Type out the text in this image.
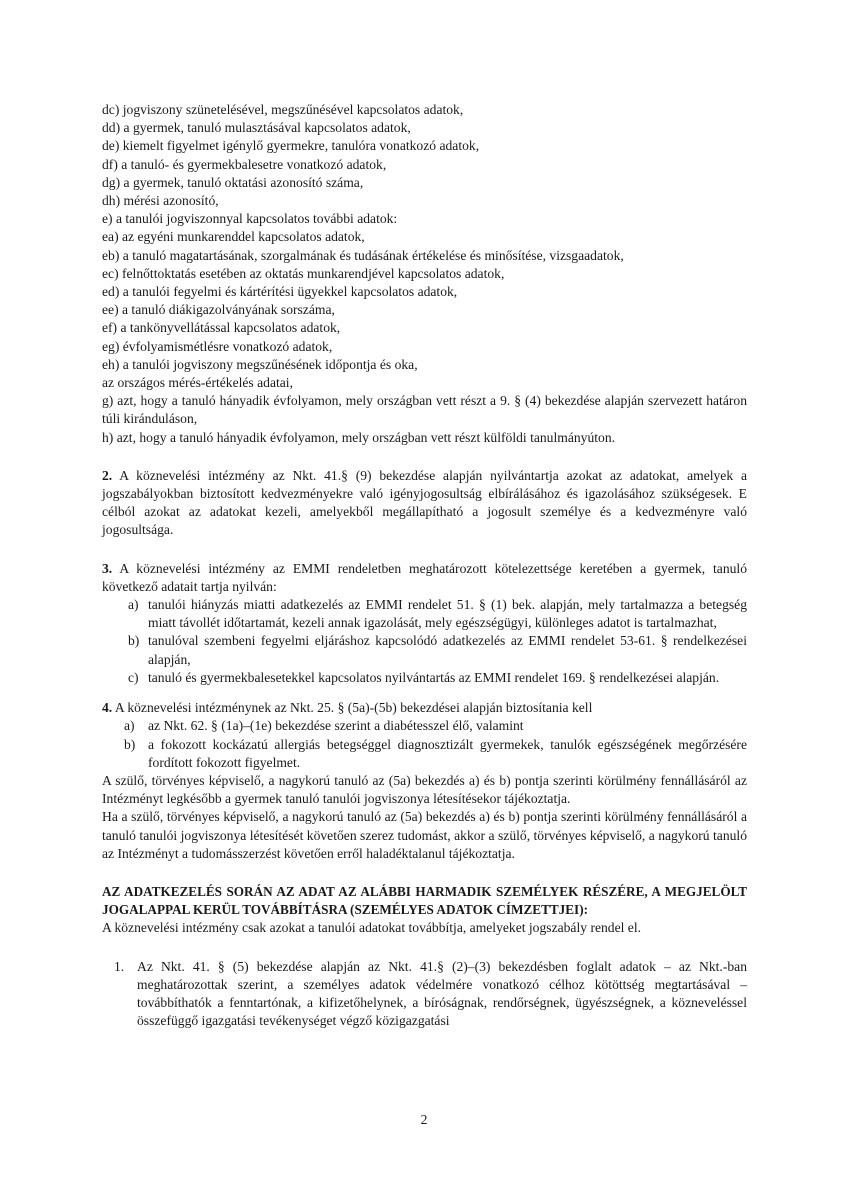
dc) jogviszony szünetelésével, megszűnésével kapcsolatos adatok,
dd) a gyermek, tanuló mulasztásával kapcsolatos adatok,
de) kiemelt figyelmet igénylő gyermekre, tanulóra vonatkozó adatok,
df) a tanuló- és gyermekbalesetre vonatkozó adatok,
dg) a gyermek, tanuló oktatási azonosító száma,
dh) mérési azonosító,
e) a tanulói jogviszonnyal kapcsolatos további adatok:
ea) az egyéni munkarenddel kapcsolatos adatok,
eb) a tanuló magatartásának, szorgalmának és tudásának értékelése és minősítése, vizsgaadatok,
ec) felnőttoktatás esetében az oktatás munkarendjével kapcsolatos adatok,
ed) a tanulói fegyelmi és kártérítési ügyekkel kapcsolatos adatok,
ee) a tanuló diákigazolványának sorszáma,
ef) a tankönyvellátással kapcsolatos adatok,
eg) évfolyamismétlésre vonatkozó adatok,
eh) a tanulói jogviszony megszűnésének időpontja és oka,
az országos mérés-értékelés adatai,
g) azt, hogy a tanuló hányadik évfolyamon, mely országban vett részt a 9. § (4) bekezdése alapján szervezett határon túli kiránduláson,
h) azt, hogy a tanuló hányadik évfolyamon, mely országban vett részt külföldi tanulmányúton.
2. A köznevelési intézmény az Nkt. 41.§ (9) bekezdése alapján nyilvántartja azokat az adatokat, amelyek a jogszabályokban biztosított kedvezményekre való igényjogosultság elbírálásához és igazolásához szükségesek. E célból azokat az adatokat kezeli, amelyekből megállapítható a jogosult személye és a kedvezményre való jogosultsága.
3. A köznevelési intézmény az EMMI rendeletben meghatározott kötelezettsége keretében a gyermek, tanuló következő adatait tartja nyilván:
a) tanulói hiányzás miatti adatkezelés az EMMI rendelet 51. § (1) bek. alapján, mely tartalmazza a betegség miatt távollét időtartamát, kezeli annak igazolását, mely egészségügyi, különleges adatot is tartalmazhat,
b) tanulóval szembeni fegyelmi eljáráshoz kapcsolódó adatkezelés az EMMI rendelet 53-61. § rendelkezései alapján,
c) tanuló és gyermekbalesetekkel kapcsolatos nyilvántartás az EMMI rendelet 169. § rendelkezései alapján.
4. A köznevelési intézménynek az Nkt. 25. § (5a)-(5b) bekezdései alapján biztosítania kell
a) az Nkt. 62. § (1a)–(1e) bekezdése szerint a diabétesszel élő, valamint
b) a fokozott kockázatú allergiás betegséggel diagnosztizált gyermekek, tanulók egészségének megőrzésére fordított fokozott figyelmet.
A szülő, törvényes képviselő, a nagykorú tanuló az (5a) bekezdés a) és b) pontja szerinti körülmény fennállásáról az Intézményt legkésőbb a gyermek tanuló tanulói jogviszonya létesítésekor tájékoztatja.
Ha a szülő, törvényes képviselő, a nagykorú tanuló az (5a) bekezdés a) és b) pontja szerinti körülmény fennállásáról a tanuló tanulói jogviszonya létesítését követően szerez tudomást, akkor a szülő, törvényes képviselő, a nagykorú tanuló az Intézményt a tudomásszerzést követően erről haladéktalanul tájékoztatja.
AZ ADATKEZELÉS SORÁN AZ ADAT AZ ALÁBBI HARMADIK SZEMÉLYEK RÉSZÉRE, A MEGJELÖLT JOGALAPPAL KERÜL TOVÁBBÍTÁSRA (SZEMÉLYES ADATOK CÍMZETTJEI):
A köznevelési intézmény csak azokat a tanulói adatokat továbbítja, amelyeket jogszabály rendel el.
1. Az Nkt. 41. § (5) bekezdése alapján az Nkt. 41.§ (2)–(3) bekezdésben foglalt adatok – az Nkt.-ban meghatározottak szerint, a személyes adatok védelmére vonatkozó célhoz kötöttség megtartásával – továbbíthatók a fenntartónak, a kifizetőhelynek, a bíróságnak, rendőrségnek, ügyészségnek, a közneveléssel összefüggő igazgatási tevékenységet végző közigazgatási
2
